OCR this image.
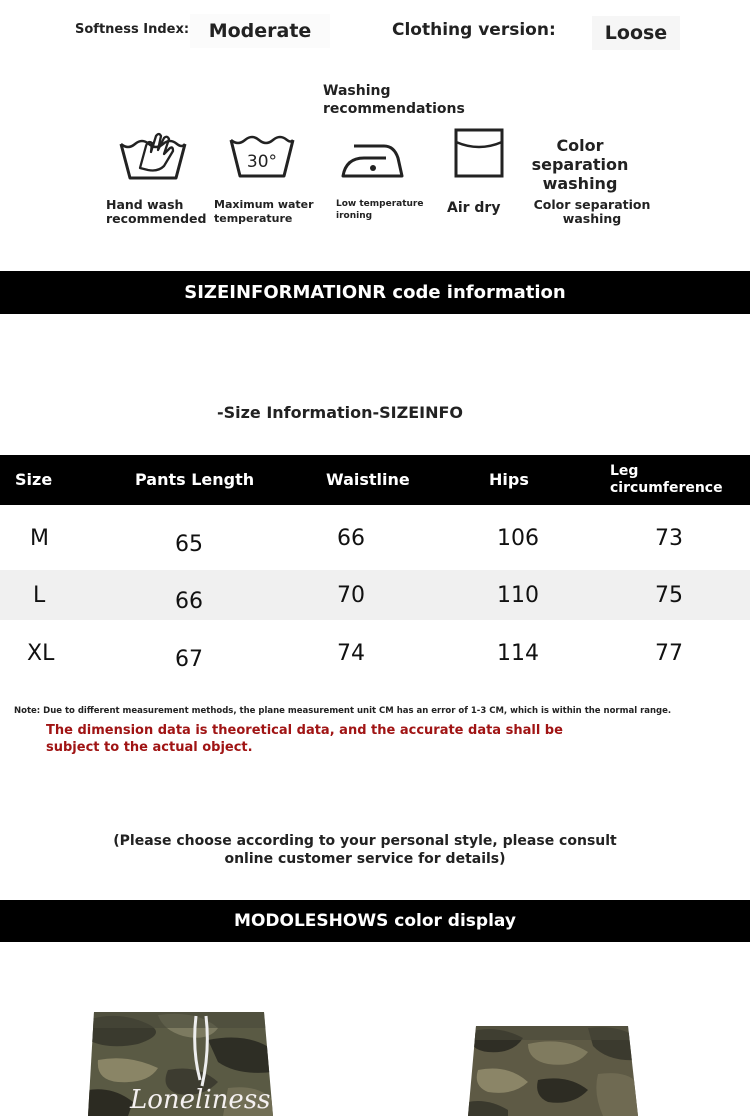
Softness Index:	Moderate	Clothing version:	Loose
Washing recommendations
Hand wash recommended
30°
Maximum water temperature
Low temperature ironing	Air dry
Color separation washing
Color separation washing
SIZEINFORMATIONR code information
-Size Information-SIZEINFO
Size	Pants Length	Waistline	Hips	Leg circumference
M	65	66	106	73
L	66	70	110	75
XL	67	74	114	77
Note: Due to different measurement methods, the plane measurement unit CM has an error of 1-3 CM, which is within the normal range.
The dimension data is theoretical data, and the accurate data shall be subject to the actual object.
(Please choose according to your personal style, please consult online customer service for details)
MODOLESHOWS color display
Loneliness
